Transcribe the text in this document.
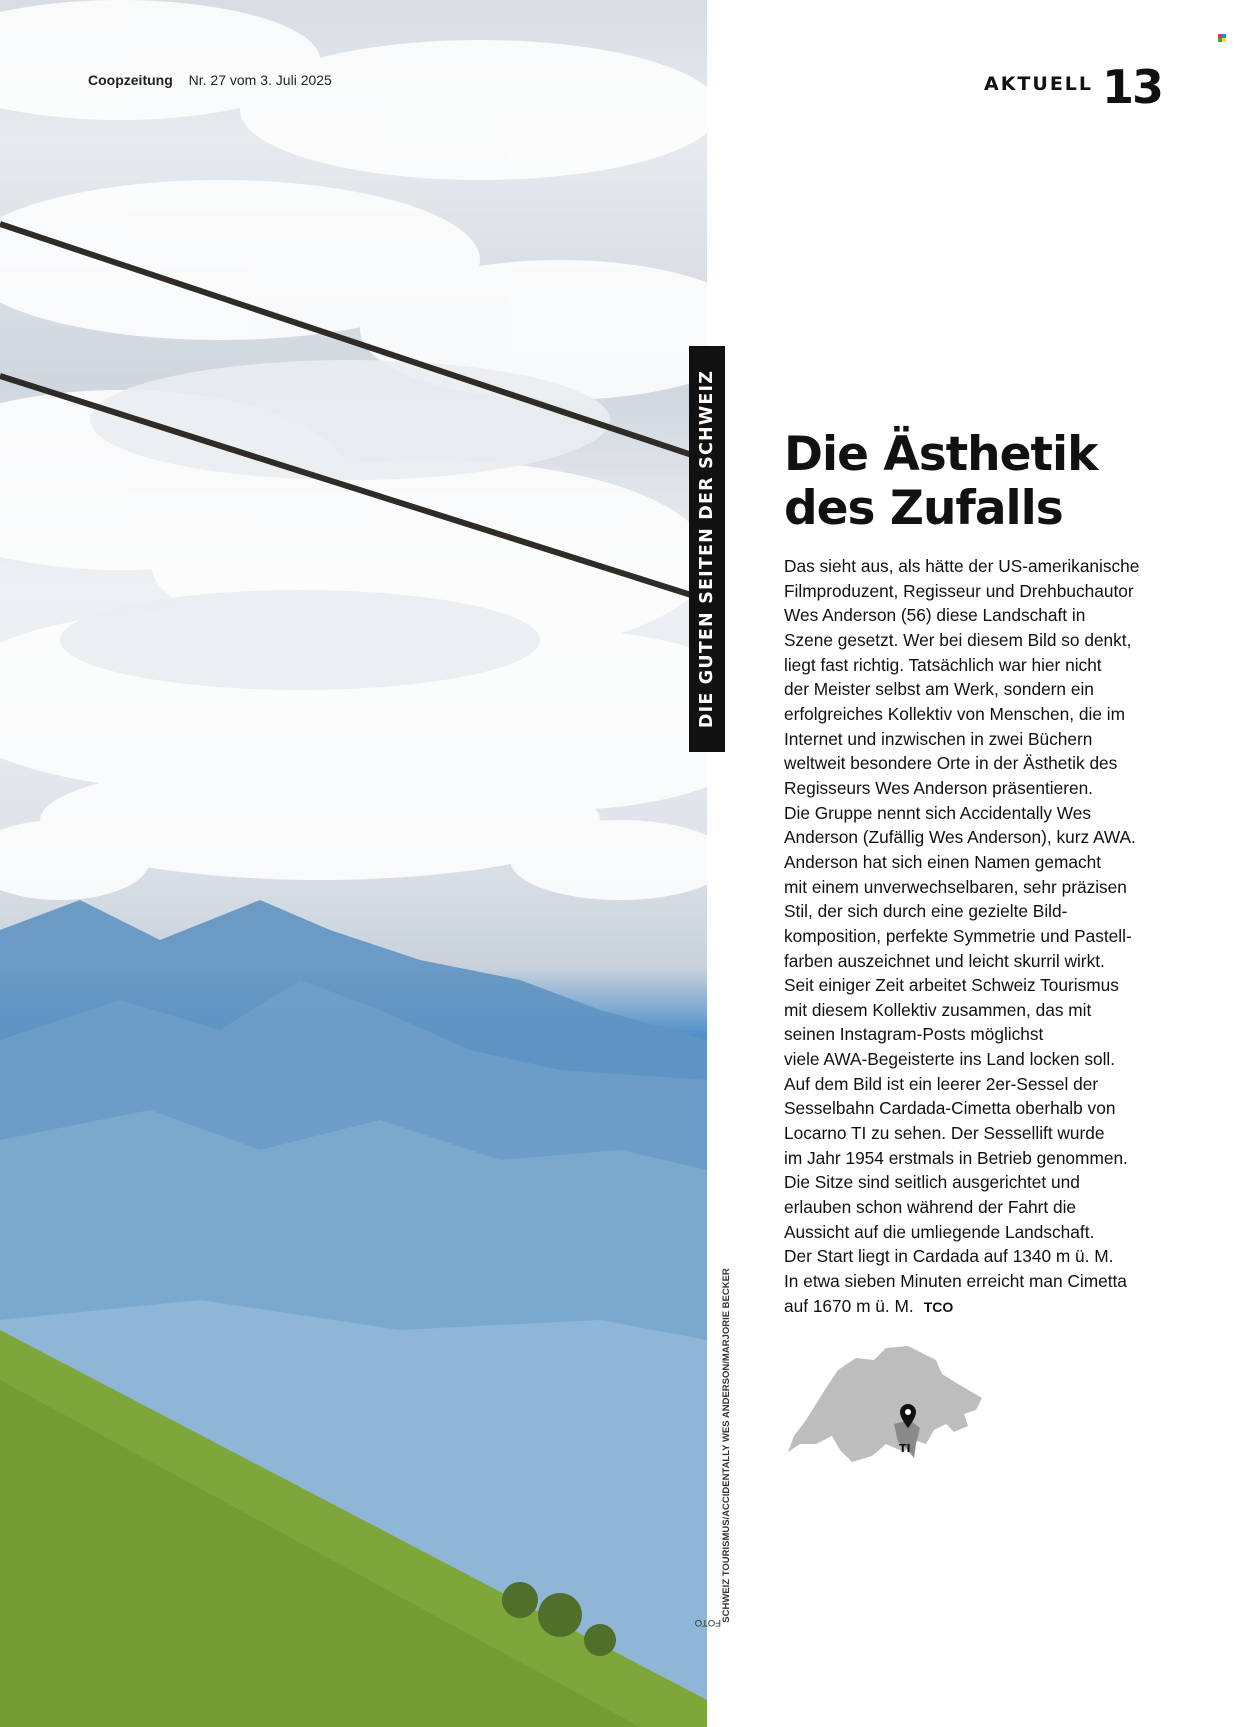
Coopzeitung Nr. 27 vom 3. Juli 2025	AKTUELL 13
DIE GUTEN SEITEN DER SCHWEIZ
FOTO SCHWEIZ TOURISMUS/ACCIDENTALLY WES ANDERSON/MARJORIE BECKER
Die Ästhetik
des Zufalls
Das sieht aus, als hätte der US-amerikanische
Filmproduzent, Regisseur und Drehbuchautor
Wes Anderson (56) diese Landschaft in
Szene gesetzt. Wer bei diesem Bild so denkt,
liegt fast richtig. Tatsächlich war hier nicht
der Meister selbst am Werk, sondern ein
erfolgreiches Kollektiv von Menschen, die im
Internet und inzwischen in zwei Büchern
weltweit besondere Orte in der Ästhetik des
Regisseurs Wes Anderson präsentieren.
Die Gruppe nennt sich Accidentally Wes
Anderson (Zufällig Wes Anderson), kurz AWA.
Anderson hat sich einen Namen gemacht
mit einem unverwechselbaren, sehr präzisen
Stil, der sich durch eine gezielte Bild-
komposition, perfekte Symmetrie und Pastell-
farben auszeichnet und leicht skurril wirkt.
Seit einiger Zeit arbeitet Schweiz Tourismus
mit diesem Kollektiv zusammen, das mit
seinen Instagram-Posts möglichst
viele AWA-Begeisterte ins Land locken soll.
Auf dem Bild ist ein leerer 2er-Sessel der
Sesselbahn Cardada-Cimetta oberhalb von
Locarno TI zu sehen. Der Sessellift wurde
im Jahr 1954 erstmals in Betrieb genommen.
Die Sitze sind seitlich ausgerichtet und
erlauben schon während der Fahrt die
Aussicht auf die umliegende Landschaft.
Der Start liegt in Cardada auf 1340 m ü. M.
In etwa sieben Minuten erreicht man Cimetta
auf 1670 m ü. M. TCO
TI
